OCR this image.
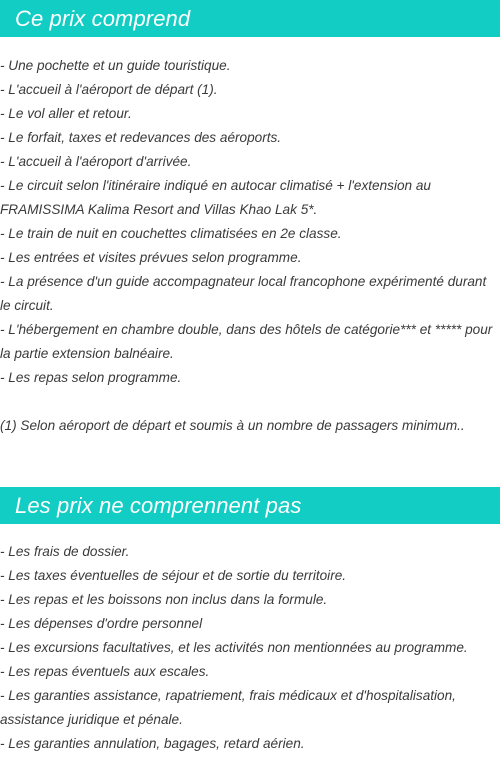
Ce prix comprend
- Une pochette et un guide touristique.
- L'accueil à l'aéroport de départ (1).
- Le vol aller et retour.
- Le forfait, taxes et redevances des aéroports.
- L'accueil à l'aéroport d'arrivée.
- Le circuit selon l'itinéraire indiqué en autocar climatisé + l'extension au FRAMISSIMA Kalima Resort and Villas Khao Lak 5*.
- Le train de nuit en couchettes climatisées en 2e classe.
- Les entrées et visites prévues selon programme.
- La présence d'un guide accompagnateur local francophone expérimenté durant le circuit.
- L'hébergement en chambre double, dans des hôtels de catégorie*** et ***** pour la partie extension balnéaire.
- Les repas selon programme.

(1) Selon aéroport de départ et soumis à un nombre de passagers minimum..

Les prix ne comprennent pas
- Les frais de dossier.
- Les taxes éventuelles de séjour et de sortie du territoire.
- Les repas et les boissons non inclus dans la formule.
- Les dépenses d'ordre personnel
- Les excursions facultatives, et les activités non mentionnées au programme.
- Les repas éventuels aux escales.
- Les garanties assistance, rapatriement, frais médicaux et d'hospitalisation, assistance juridique et pénale.
- Les garanties annulation, bagages, retard aérien.
